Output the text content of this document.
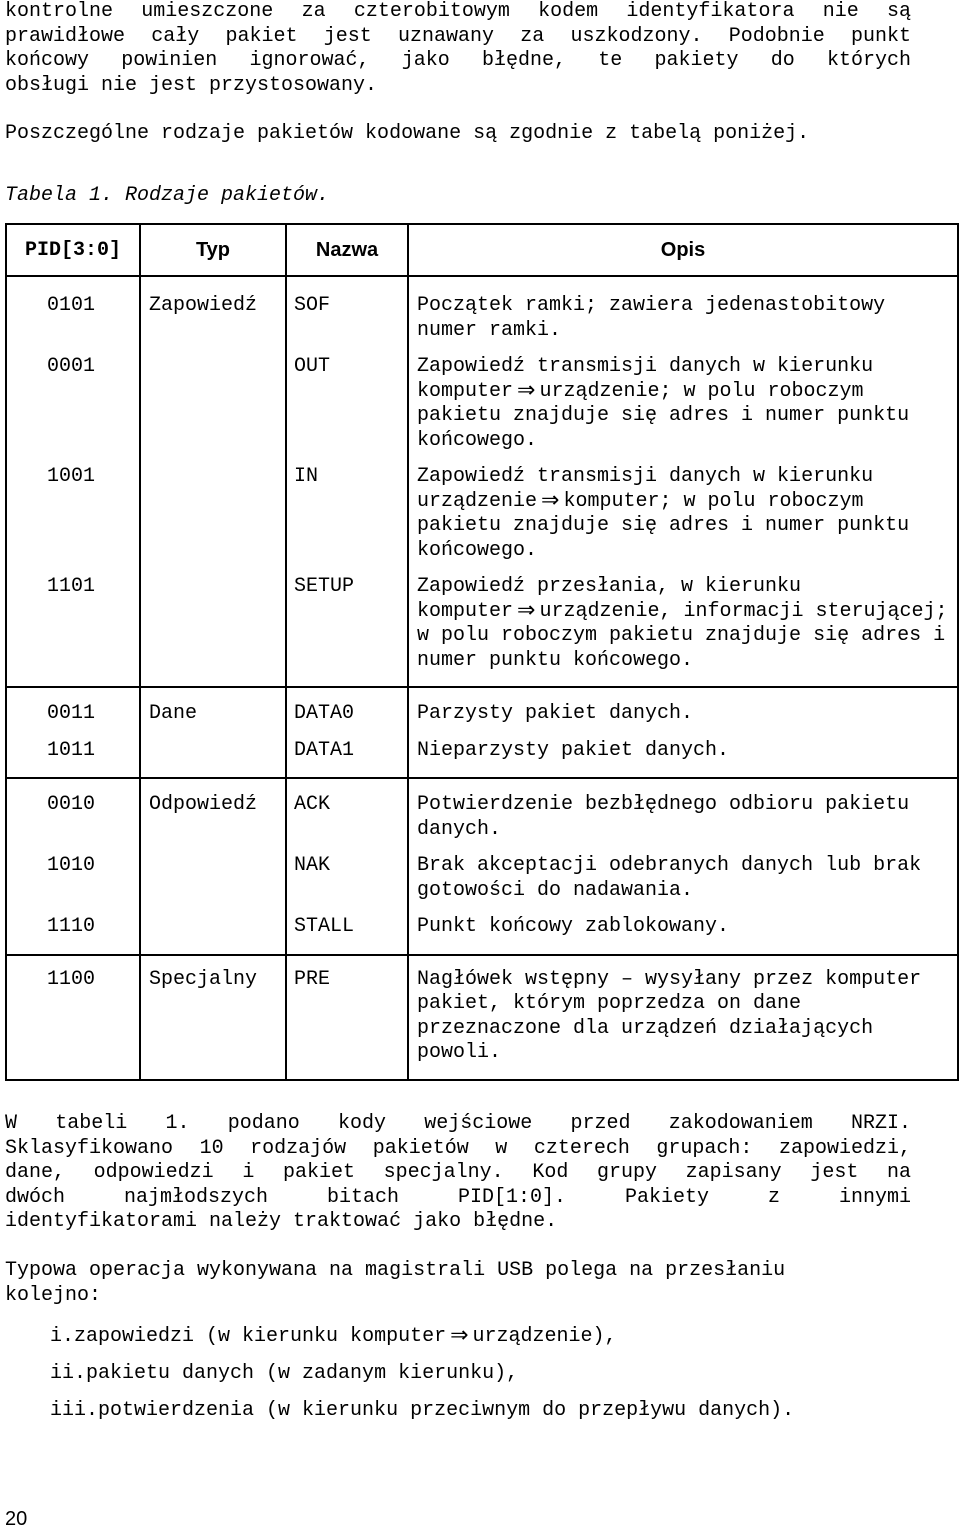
kontrolne umieszczone za czterobitowym kodem identyfikatora nie są
prawidłowe cały pakiet jest uznawany za uszkodzony. Podobnie punkt
końcowy powinien ignorować, jako błędne, te pakiety do których
obsługi nie jest przystosowany.
Poszczególne rodzaje pakietów kodowane są zgodnie z tabelą poniżej.
Tabela 1. Rodzaje pakietów.
PID[3:0]	Typ	Nazwa	Opis
0101	Zapowiedź	SOF	Początek ramki; zawiera jedenastobitowy numer ramki.
0001		OUT	Zapowiedź transmisji danych w kierunku komputer ⇒ urządzenie; w polu roboczym pakietu znajduje się adres i numer punktu końcowego.
1001		IN	Zapowiedź transmisji danych w kierunku urządzenie ⇒ komputer; w polu roboczym pakietu znajduje się adres i numer punktu końcowego.
1101		SETUP	Zapowiedź przesłania, w kierunku komputer ⇒ urządzenie, informacji sterującej; w polu roboczym pakietu znajduje się adres i numer punktu końcowego.
0011	Dane	DATA0	Parzysty pakiet danych.
1011		DATA1	Nieparzysty pakiet danych.
0010	Odpowiedź	ACK	Potwierdzenie bezbłędnego odbioru pakietu danych.
1010		NAK	Brak akceptacji odebranych danych lub brak gotowości do nadawania.
1110		STALL	Punkt końcowy zablokowany.
1100	Specjalny	PRE	Nagłówek wstępny – wysyłany przez komputer pakiet, którym poprzedza on dane przeznaczone dla urządzeń działających powoli.
W tabeli 1. podano kody wejściowe przed zakodowaniem NRZI.
Sklasyfikowano 10 rodzajów pakietów w czterech grupach: zapowiedzi,
dane, odpowiedzi i pakiet specjalny. Kod grupy zapisany jest na
dwóch najmłodszych bitach PID[1:0]. Pakiety z innymi
identyfikatorami należy traktować jako błędne.
Typowa operacja wykonywana na magistrali USB polega na przesłaniu
kolejno:
i.zapowiedzi (w kierunku komputer ⇒ urządzenie),
ii.pakietu danych (w zadanym kierunku),
iii.potwierdzenia (w kierunku przeciwnym do przepływu danych).
20
